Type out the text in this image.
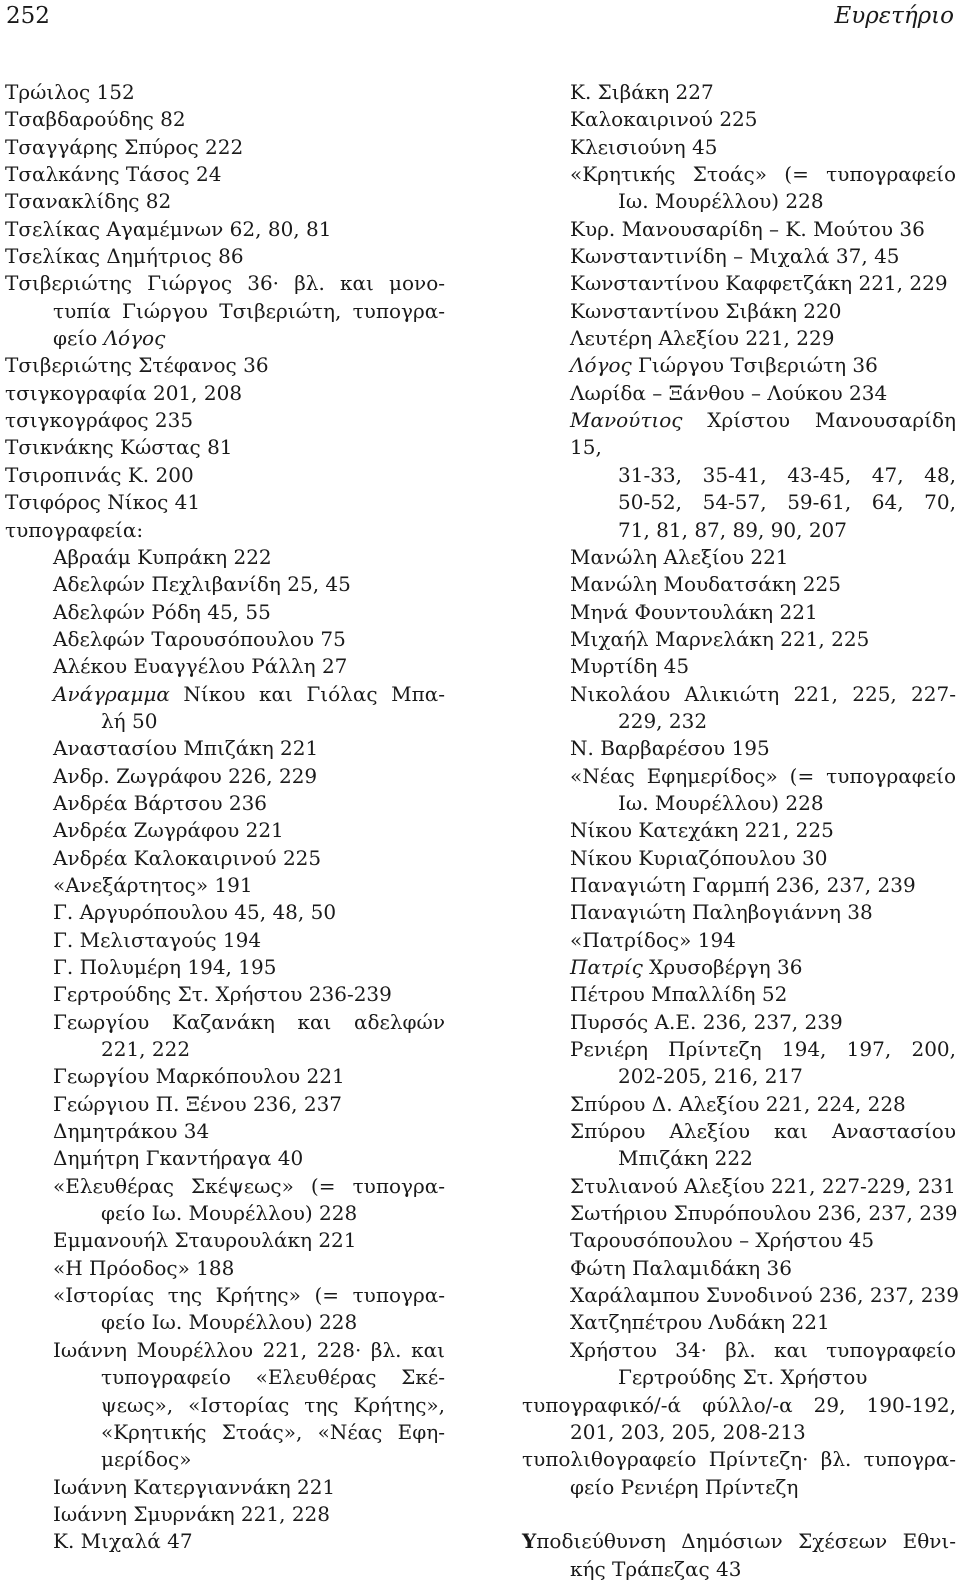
252	Ευρετήριο
Τρώιλος 152
Τσαβδαρούδης 82
Τσαγγάρης Σπύρος 222
Τσαλκάνης Τάσος 24
Τσανακλίδης 82
Τσελίκας Αγαμέμνων 62, 80, 81
Τσελίκας Δημήτριος 86
Τσιβεριώτης Γιώργος 36· βλ. και μονο-
τυπία Γιώργου Τσιβεριώτη, τυπογρα-
φείο Λόγος
Τσιβεριώτης Στέφανος 36
τσιγκογραφία 201, 208
τσιγκογράφος 235
Τσικνάκης Κώστας 81
Τσιροπινάς Κ. 200
Τσιφόρος Νίκος 41
τυπογραφεία:
Αβραάμ Κυπράκη 222
Αδελφών Πεχλιβανίδη 25, 45
Αδελφών Ρόδη 45, 55
Αδελφών Ταρουσόπουλου 75
Αλέκου Ευαγγέλου Ράλλη 27
Ανάγραμμα Νίκου και Γιόλας Μπα-
λή 50
Αναστασίου Μπιζάκη 221
Ανδρ. Ζωγράφου 226, 229
Ανδρέα Βάρτσου 236
Ανδρέα Ζωγράφου 221
Ανδρέα Καλοκαιρινού 225
«Ανεξάρτητος» 191
Γ. Αργυρόπουλου 45, 48, 50
Γ. Μελισταγούς 194
Γ. Πολυμέρη 194, 195
Γερτρούδης Στ. Χρήστου 236-239
Γεωργίου Καζανάκη και αδελφών
221, 222
Γεωργίου Μαρκόπουλου 221
Γεώργιου Π. Ξένου 236, 237
Δημητράκου 34
Δημήτρη Γκαντήραγα 40
«Ελευθέρας Σκέψεως» (= τυπογρα-
φείο Ιω. Μουρέλλου) 228
Εμμανουήλ Σταυρουλάκη 221
«Η Πρόοδος» 188
«Ιστορίας της Κρήτης» (= τυπογρα-
φείο Ιω. Μουρέλλου) 228
Ιωάννη Μουρέλλου 221, 228· βλ. και
τυπογραφείο «Ελευθέρας Σκέ-
ψεως», «Ιστορίας της Κρήτης»,
«Κρητικής Στοάς», «Νέας Εφη-
μερίδος»
Ιωάννη Κατεργιαννάκη 221
Ιωάννη Σμυρνάκη 221, 228
Κ. Μιχαλά 47
Κ. Σιβάκη 227
Καλοκαιρινού 225
Κλεισιούνη 45
«Κρητικής Στοάς» (= τυπογραφείο
Ιω. Μουρέλλου) 228
Κυρ. Μανουσαρίδη – Κ. Μούτου 36
Κωνσταντινίδη – Μιχαλά 37, 45
Κωνσταντίνου Καφφετζάκη 221, 229
Κωνσταντίνου Σιβάκη 220
Λευτέρη Αλεξίου 221, 229
Λόγος Γιώργου Τσιβεριώτη 36
Λωρίδα – Ξάνθου – Λούκου 234
Μανούτιος Χρίστου Μανουσαρίδη 15,
31-33, 35-41, 43-45, 47, 48,
50-52, 54-57, 59-61, 64, 70,
71, 81, 87, 89, 90, 207
Μανώλη Αλεξίου 221
Μανώλη Μουδατσάκη 225
Μηνά Φουντουλάκη 221
Μιχαήλ Μαρνελάκη 221, 225
Μυρτίδη 45
Νικολάου Αλικιώτη 221, 225, 227-
229, 232
Ν. Βαρβαρέσου 195
«Νέας Εφημερίδος» (= τυπογραφείο
Ιω. Μουρέλλου) 228
Νίκου Κατεχάκη 221, 225
Νίκου Κυριαζόπουλου 30
Παναγιώτη Γαρμπή 236, 237, 239
Παναγιώτη Παληβογιάννη 38
«Πατρίδος» 194
Πατρίς Χρυσοβέργη 36
Πέτρου Μπαλλίδη 52
Πυρσός Α.Ε. 236, 237, 239
Ρενιέρη Πρίντεζη 194, 197, 200,
202-205, 216, 217
Σπύρου Δ. Αλεξίου 221, 224, 228
Σπύρου Αλεξίου και Αναστασίου
Μπιζάκη 222
Στυλιανού Αλεξίου 221, 227-229, 231
Σωτήριου Σπυρόπουλου 236, 237, 239
Ταρουσόπουλου – Χρήστου 45
Φώτη Παλαμιδάκη 36
Χαράλαμπου Συνοδινού 236, 237, 239
Χατζηπέτρου Λυδάκη 221
Χρήστου 34· βλ. και τυπογραφείο
Γερτρούδης Στ. Χρήστου
τυπογραφικό/-ά φύλλο/-α 29, 190-192,
201, 203, 205, 208-213
τυπολιθογραφείο Πρίντεζη· βλ. τυπογρα-
φείο Ρενιέρη Πρίντεζη
Υποδιεύθυνση Δημόσιων Σχέσεων Εθνι-
κής Τράπεζας 43
